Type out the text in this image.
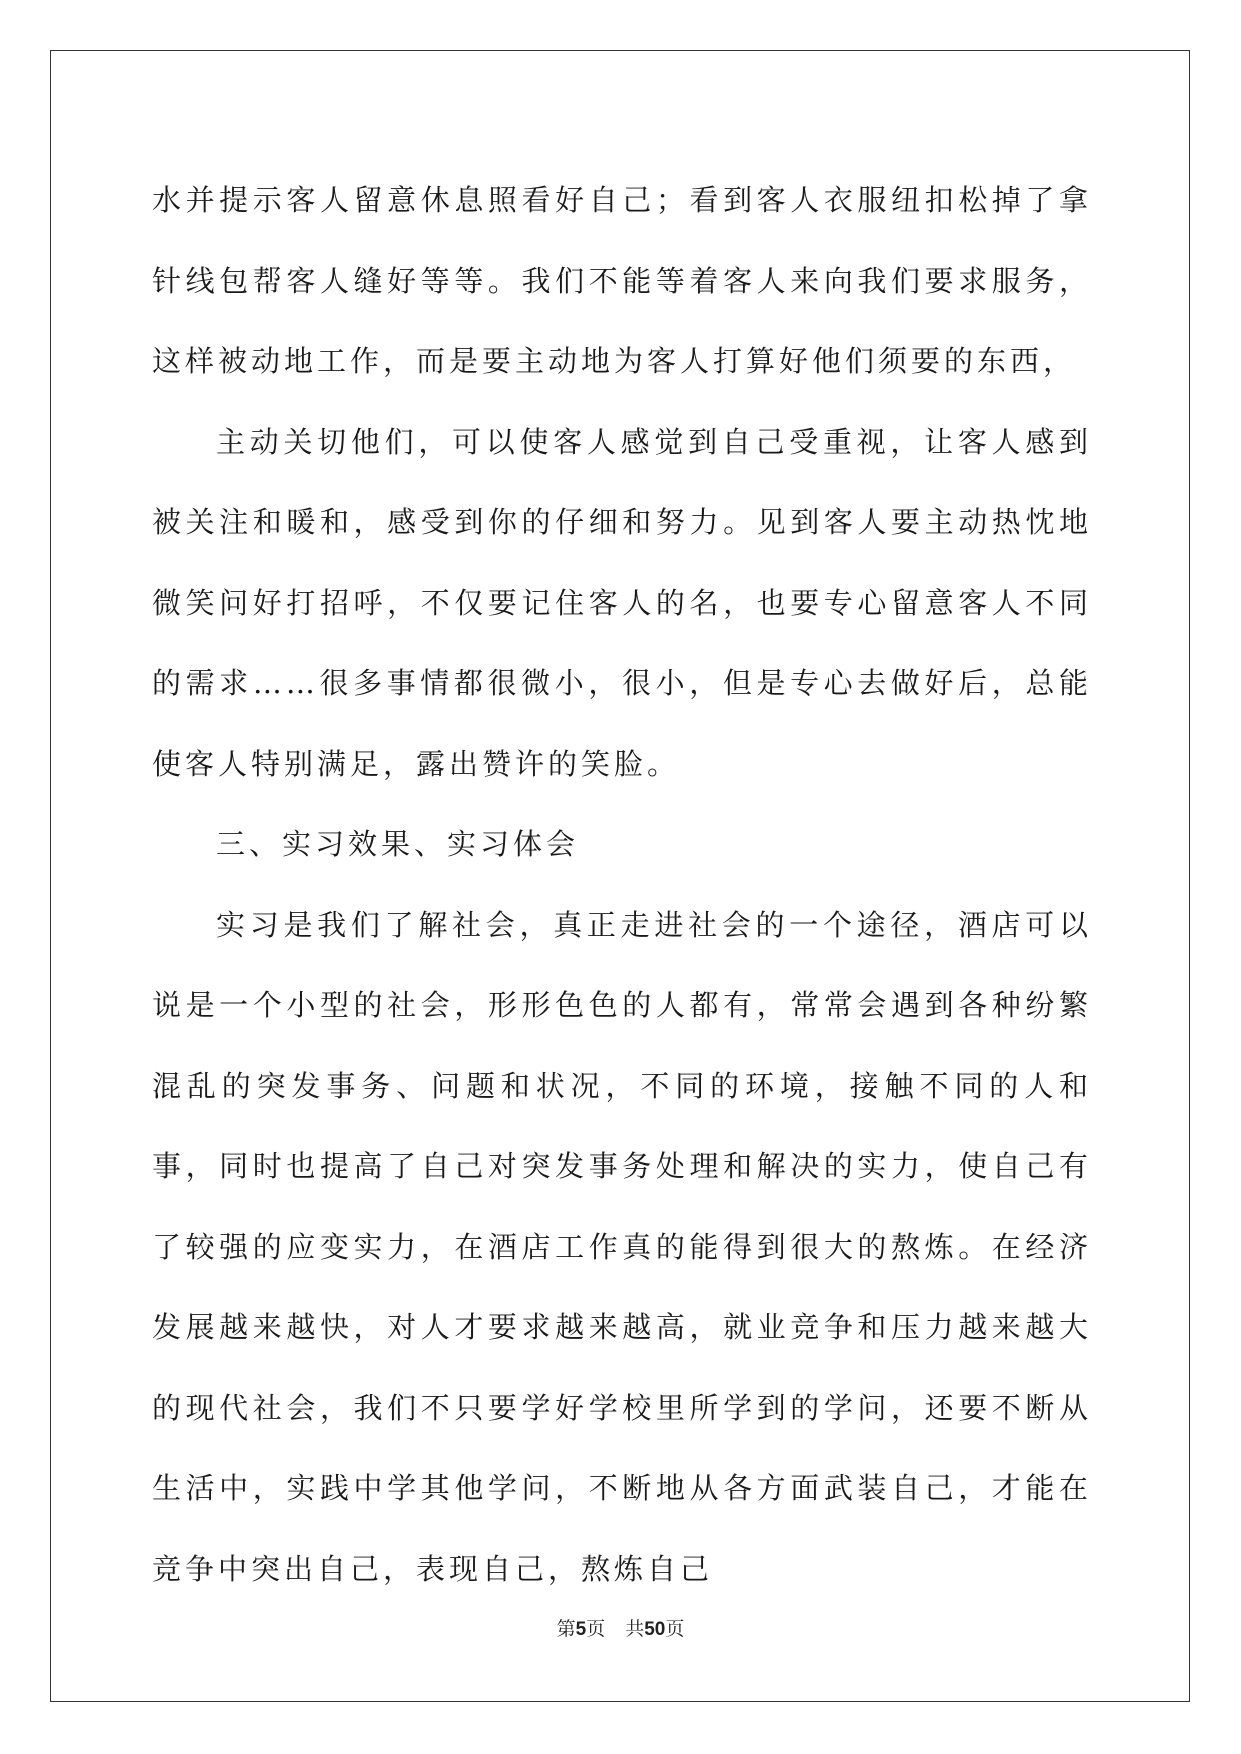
水并提示客人留意休息照看好自己；看到客人衣服纽扣松掉了拿针线包帮客人缝好等等。我们不能等着客人来向我们要求服务，这样被动地工作，而是要主动地为客人打算好他们须要的东西，

主动关切他们，可以使客人感觉到自己受重视，让客人感到被关注和暖和，感受到你的仔细和努力。见到客人要主动热忱地微笑问好打招呼，不仅要记住客人的名，也要专心留意客人不同的需求……很多事情都很微小，很小，但是专心去做好后，总能使客人特别满足，露出赞许的笑脸。

三、实习效果、实习体会

实习是我们了解社会，真正走进社会的一个途径，酒店可以说是一个小型的社会，形形色色的人都有，常常会遇到各种纷繁混乱的突发事务、问题和状况，不同的环境，接触不同的人和事，同时也提高了自己对突发事务处理和解决的实力，使自己有了较强的应变实力，在酒店工作真的能得到很大的熬炼。在经济发展越来越快，对人才要求越来越高，就业竞争和压力越来越大的现代社会，我们不只要学好学校里所学到的学问，还要不断从生活中，实践中学其他学问，不断地从各方面武装自己，才能在竞争中突出自己，表现自己，熬炼自己

第5页 共50页
